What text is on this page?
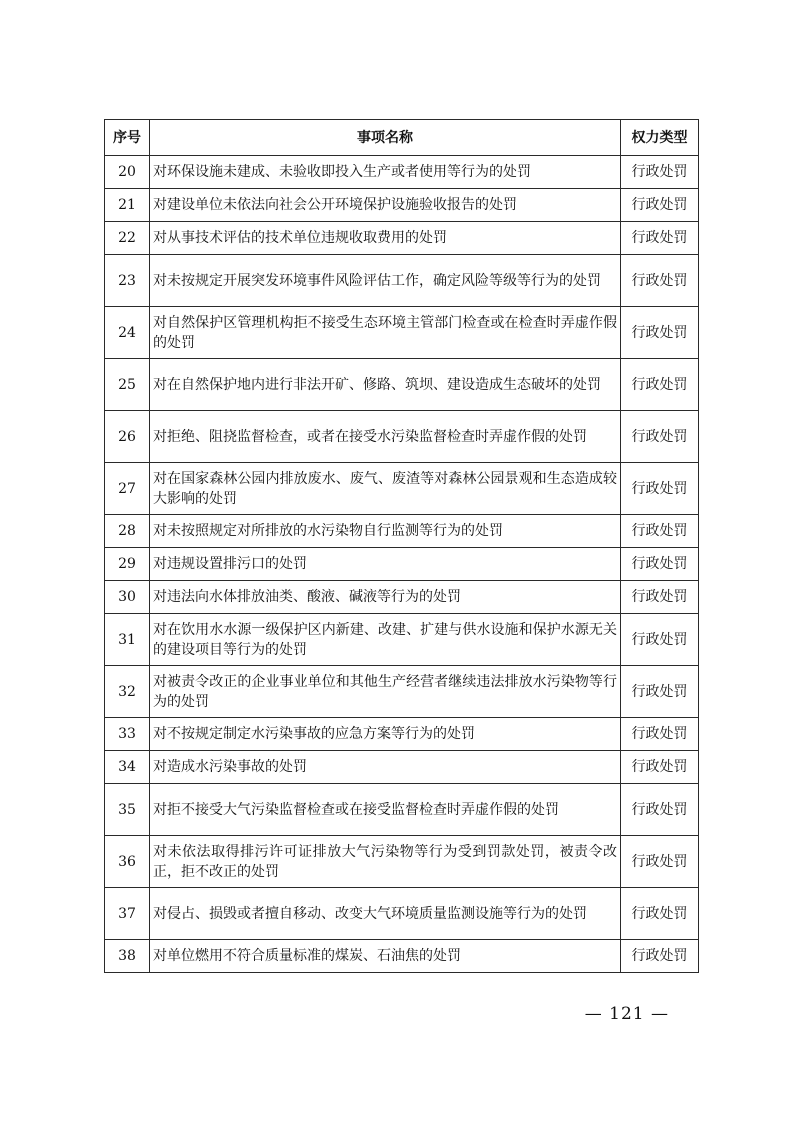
序号	事项名称	权力类型
20	对环保设施未建成、未验收即投入生产或者使用等行为的处罚	行政处罚
21	对建设单位未依法向社会公开环境保护设施验收报告的处罚	行政处罚
22	对从事技术评估的技术单位违规收取费用的处罚	行政处罚
23	对未按规定开展突发环境事件风险评估工作，确定风险等级等行为的处罚	行政处罚
24	对自然保护区管理机构拒不接受生态环境主管部门检查或在检查时弄虚作假的处罚	行政处罚
25	对在自然保护地内进行非法开矿、修路、筑坝、建设造成生态破坏的处罚	行政处罚
26	对拒绝、阻挠监督检查，或者在接受水污染监督检查时弄虚作假的处罚	行政处罚
27	对在国家森林公园内排放废水、废气、废渣等对森林公园景观和生态造成较大影响的处罚	行政处罚
28	对未按照规定对所排放的水污染物自行监测等行为的处罚	行政处罚
29	对违规设置排污口的处罚	行政处罚
30	对违法向水体排放油类、酸液、碱液等行为的处罚	行政处罚
31	对在饮用水水源一级保护区内新建、改建、扩建与供水设施和保护水源无关的建设项目等行为的处罚	行政处罚
32	对被责令改正的企业事业单位和其他生产经营者继续违法排放水污染物等行为的处罚	行政处罚
33	对不按规定制定水污染事故的应急方案等行为的处罚	行政处罚
34	对造成水污染事故的处罚	行政处罚
35	对拒不接受大气污染监督检查或在接受监督检查时弄虚作假的处罚	行政处罚
36	对未依法取得排污许可证排放大气污染物等行为受到罚款处罚，被责令改正，拒不改正的处罚	行政处罚
37	对侵占、损毁或者擅自移动、改变大气环境质量监测设施等行为的处罚	行政处罚
38	对单位燃用不符合质量标准的煤炭、石油焦的处罚	行政处罚
— 121 —
